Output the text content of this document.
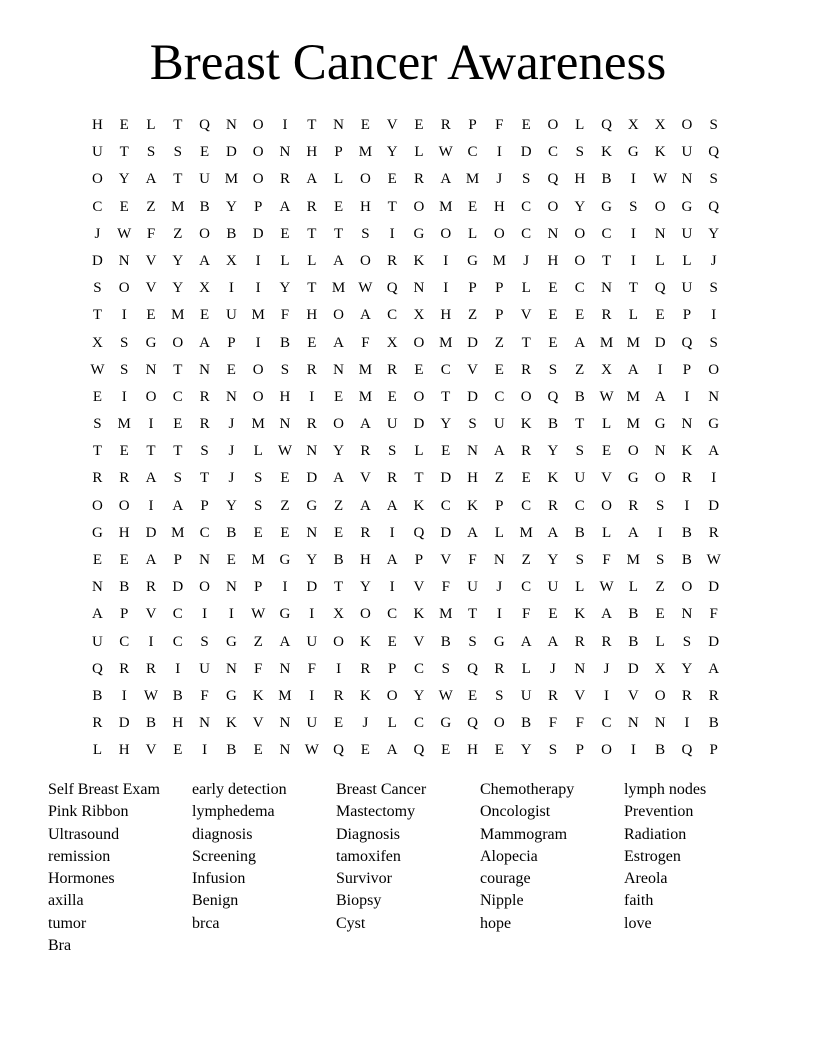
Breast Cancer Awareness
H	E	L	T	Q	N	O	I	T	N	E	V	E	R	P	F	E	O	L	Q	X	X	O	S
U	T	S	S	E	D	O	N	H	P	M Y	L	W C	I	D	C	S	K	G	K	U	Q
O	Y	A	T	U M O	R	A	L	O	E	R	A M	J	S	Q	H	B	I	W N	S
C	E	Z	M	B	Y	P	A	R	E	H	T	O M	E	H	C	O	Y	G	S	O	G	Q
J	W	F	Z	O	B	D	E	T	T	S	I	G	O	L	O	C	N	O	C	I	N	U	Y
D	N	V	Y	A	X	I	L	L	A	O	R	K	I	G M	J	H	O	T	I	L	L	J
S	O	V	Y	X	I	I	Y	T	M W Q	N	I	P	P	L	E	C	N	T	Q	U	S
T	I	E	M	E	U M	F	H	O	A	C	X	H	Z	P	V	E	E	R	L	E	P	I
X	S	G	O	A	P	I	B	E	A	F	X	O M D	Z	T	E	A M M D	Q	S
W	S	N	T	N	E	O	S	R	N M	R	E	C	V	E	R	S	Z	X	A	I	P	O
E	I	O	C	R	N	O	H	I	E	M	E	O	T	D	C	O	Q	B W M A	I	N
S	M	I	E	R	J	M N	R	O	A	U	D	Y	S	U	K	B	T	L	M G	N	G
T	E	T	T	S	J	L	W N	Y	R	S	L	E	N	A	R	Y	S	E	O	N	K	A
R	R	A	S	T	J	S	E	D	A	V	R	T	D	H	Z	E	K	U	V	G	O	R	I
O	O	I	A	P	Y	S	Z	G	Z	A	A	K	C	K	P	C	R	C	O	R	S	I	D
G	H	D M	C	B	E	E	N	E	R	I	Q	D	A	L	M A	B	L	A	I	B	R
E	E	A	P	N	E	M G	Y	B	H	A	P	V	F	N	Z	Y	S	F	M	S	B W
N	B	R	D	O	N	P	I	D	T	Y	I	V	F	U	J	C	U	L	W	L	Z	O	D
A	P	V	C	I	I	W G	I	X	O	C	K M	T	I	F	E	K	A	B	E	N	F
U	C	I	C	S	G	Z	A	U	O	K	E	V	B	S	G	A	A	R	R	B	L	S	D
Q	R	R	I	U	N	F	N	F	I	R	P	C	S	Q	R	L	J	N	J	D	X	Y	A
B	I	W B	F	G	K M	I	R	K	O	Y W	E	S	U	R	V	I	V	O	R	R
R	D	B	H	N	K	V	N	U	E	J	L	C	G	Q	O	B	F	F	C	N	N	I	B
L	H	V	E	I	B	E	N W Q	E	A	Q	E	H	E	Y	S	P	O	I	B	Q	P
Self Breast Exam	early detection	Breast Cancer	Chemotherapy	lymph nodes
Pink Ribbon	lymphedema	Mastectomy	Oncologist	Prevention
Ultrasound	diagnosis	Diagnosis	Mammogram	Radiation
remission	Screening	tamoxifen	Alopecia	Estrogen
Hormones	Infusion	Survivor	courage	Areola
axilla	Benign	Biopsy	Nipple	faith
tumor	brca	Cyst	hope	love
Bra
